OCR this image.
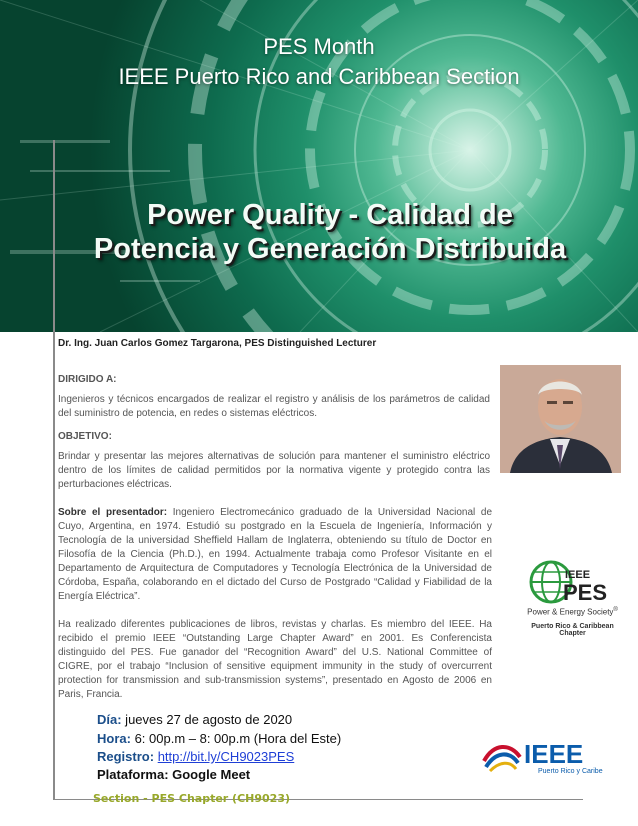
PES Month
IEEE Puerto Rico and Caribbean Section
Power Quality - Calidad de
Potencia y Generación Distribuida
Dr. Ing. Juan Carlos Gomez Targarona, PES Distinguished Lecturer
DIRIGIDO A:
Ingenieros y técnicos encargados de realizar el registro y análisis de los parámetros de calidad del suministro de potencia, en redes o sistemas eléctricos.
OBJETIVO:
Brindar y presentar las mejores alternativas de solución para mantener el suministro eléctrico dentro de los límites de calidad permitidos por la normativa vigente y protegido contra las perturbaciones eléctricas.
Sobre el presentador: Ingeniero Electromecánico graduado de la Universidad Nacional de Cuyo, Argentina, en 1974. Estudió su postgrado en la Escuela de Ingeniería, Información y Tecnología de la universidad Sheffield Hallam de Inglaterra, obteniendo su título de Doctor en Filosofía de la Ciencia (Ph.D.), en 1994. Actualmente trabaja como Profesor Visitante en el Departamento de Arquitectura de Computadores y Tecnología Electrónica de la Universidad de Córdoba, España, colaborando en el dictado del Curso de Postgrado “Calidad y Fiabilidad de la Energía Eléctrica”.
Ha realizado diferentes publicaciones de libros, revistas y charlas. Es miembro del IEEE. Ha recibido el premio IEEE “Outstanding Large Chapter Award” en 2001. Es Conferencista distinguido del PES. Fue ganador del “Recognition Award” del U.S. National Committee of CIGRE, por el trabajo “Inclusion of sensitive equipment immunity in the study of overcurrent protection for transmission and sub-transmission systems”, presentado en Agosto de 2006 en Paris, Francia.
IEEE
PES
Power & Energy Society®
Puerto Rico & Caribbean
Chapter
Día: jueves 27 de agosto de 2020
Hora: 6: 00p.m – 8: 00p.m (Hora del Este)
Registro: http://bit.ly/CH9023PES
Plataforma: Google Meet
IEEE
Puerto Rico y Caribe
Section - PES Chapter (CH9023)
